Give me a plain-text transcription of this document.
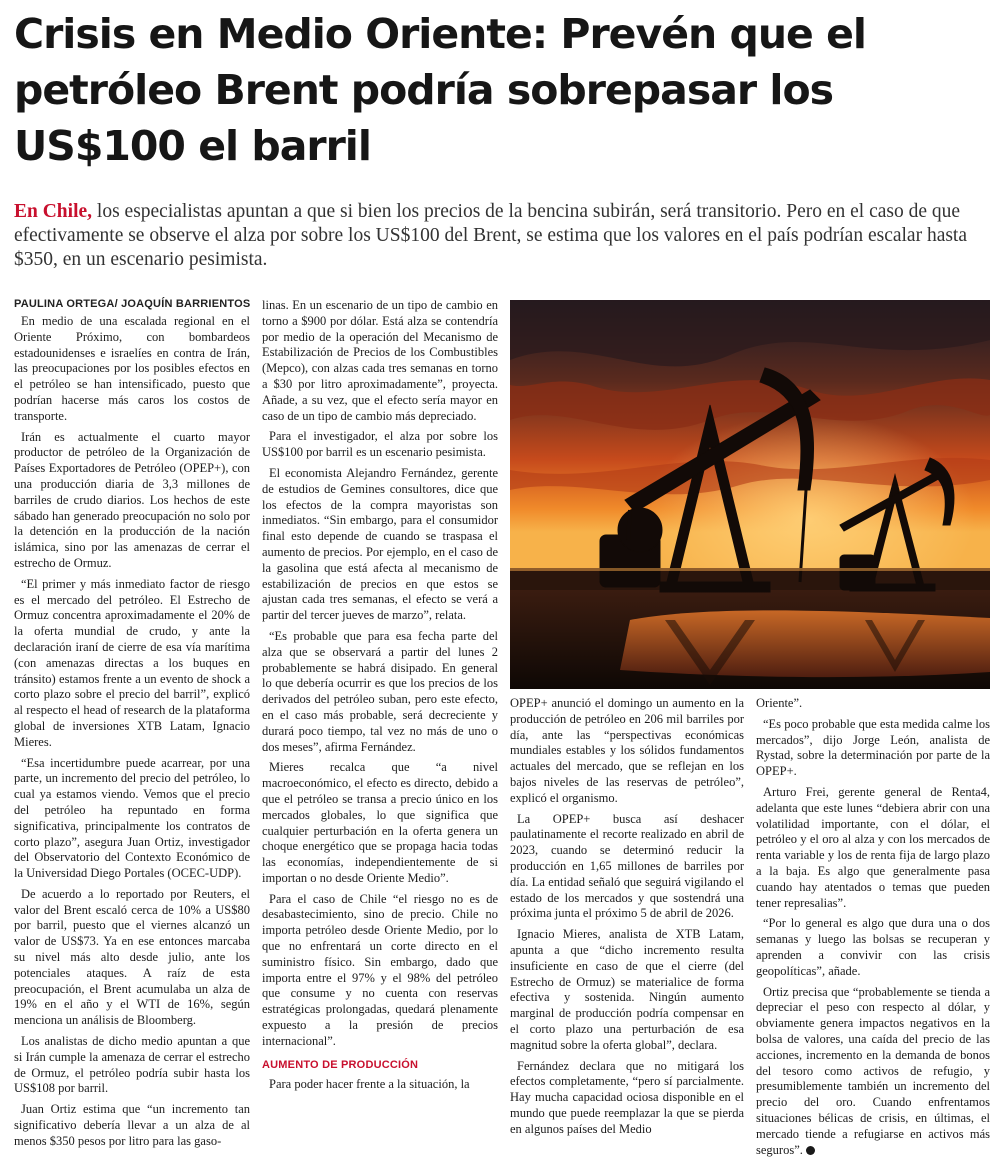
Crisis en Medio Oriente: Prevén que el petróleo Brent podría sobrepasar los US$100 el barril

En Chile, los especialistas apuntan a que si bien los precios de la bencina subirán, será transitorio. Pero en el caso de que efectivamente se observe el alza por sobre los US$100 del Brent, se estima que los valores en el país podrían escalar hasta $350, en un escenario pesimista.

PAULINA ORTEGA/ JOAQUÍN BARRIENTOS

En medio de una escalada regional en el Oriente Próximo, con bombardeos estadounidenses e israelíes en contra de Irán, las preocupaciones por los posibles efectos en el petróleo se han intensificado, puesto que podrían hacerse más caros los costos de transporte.

Irán es actualmente el cuarto mayor productor de petróleo de la Organización de Países Exportadores de Petróleo (OPEP+), con una producción diaria de 3,3 millones de barriles de crudo diarios. Los hechos de este sábado han generado preocupación no solo por la detención en la producción de la nación islámica, sino por las amenazas de cerrar el estrecho de Ormuz.

“El primer y más inmediato factor de riesgo es el mercado del petróleo. El Estrecho de Ormuz concentra aproximadamente el 20% de la oferta mundial de crudo, y ante la declaración iraní de cierre de esa vía marítima (con amenazas directas a los buques en tránsito) estamos frente a un evento de shock a corto plazo sobre el precio del barril”, explicó al respecto el head of research de la plataforma global de inversiones XTB Latam, Ignacio Mieres.

“Esa incertidumbre puede acarrear, por una parte, un incremento del precio del petróleo, lo cual ya estamos viendo. Vemos que el precio del petróleo ha repuntado en forma significativa, principalmente los contratos de corto plazo”, asegura Juan Ortiz, investigador del Observatorio del Contexto Económico de la Universidad Diego Portales (OCEC-UDP).

De acuerdo a lo reportado por Reuters, el valor del Brent escaló cerca de 10% a US$80 por barril, puesto que el viernes alcanzó un valor de US$73. Ya en ese entonces marcaba su nivel más alto desde julio, ante los potenciales ataques. A raíz de esta preocupación, el Brent acumulaba un alza de 19% en el año y el WTI de 16%, según menciona un análisis de Bloomberg.

Los analistas de dicho medio apuntan a que si Irán cumple la amenaza de cerrar el estrecho de Ormuz, el petróleo podría subir hasta los US$108 por barril.

Juan Ortiz estima que “un incremento tan significativo debería llevar a un alza de al menos $350 pesos por litro para las gaso-

linas. En un escenario de un tipo de cambio en torno a $900 por dólar. Está alza se contendría por medio de la operación del Mecanismo de Estabilización de Precios de los Combustibles (Mepco), con alzas cada tres semanas en torno a $30 por litro aproximadamente”, proyecta. Añade, a su vez, que el efecto sería mayor en caso de un tipo de cambio más depreciado.

Para el investigador, el alza por sobre los US$100 por barril es un escenario pesimista.

El economista Alejandro Fernández, gerente de estudios de Gemines consultores, dice que los efectos de la compra mayoristas son inmediatos. “Sin embargo, para el consumidor final esto depende de cuando se traspasa el aumento de precios. Por ejemplo, en el caso de la gasolina que está afecta al mecanismo de estabilización de precios en que estos se ajustan cada tres semanas, el efecto se verá a partir del tercer jueves de marzo”, relata.

“Es probable que para esa fecha parte del alza que se observará a partir del lunes 2 probablemente se habrá disipado. En general lo que debería ocurrir es que los precios de los derivados del petróleo suban, pero este efecto, en el caso más probable, será decreciente y durará poco tiempo, tal vez no más de uno o dos meses”, afirma Fernández.

Mieres recalca que “a nivel macroeconómico, el efecto es directo, debido a que el petróleo se transa a precio único en los mercados globales, lo que significa que cualquier perturbación en la oferta genera un choque energético que se propaga hacia todas las economías, independientemente de si importan o no desde Oriente Medio”.

Para el caso de Chile “el riesgo no es de desabastecimiento, sino de precio. Chile no importa petróleo desde Oriente Medio, por lo que no enfrentará un corte directo en el suministro físico. Sin embargo, dado que importa entre el 97% y el 98% del petróleo que consume y no cuenta con reservas estratégicas prolongadas, quedará plenamente expuesto a la presión de precios internacional”.

AUMENTO DE PRODUCCIÓN

Para poder hacer frente a la situación, la

OPEP+ anunció el domingo un aumento en la producción de petróleo en 206 mil barriles por día, ante las “perspectivas económicas mundiales estables y los sólidos fundamentos actuales del mercado, que se reflejan en los bajos niveles de las reservas de petróleo”, explicó el organismo.

La OPEP+ busca así deshacer paulatinamente el recorte realizado en abril de 2023, cuando se determinó reducir la producción en 1,65 millones de barriles por día. La entidad señaló que seguirá vigilando el estado de los mercados y que sostendrá una próxima junta el próximo 5 de abril de 2026.

Ignacio Mieres, analista de XTB Latam, apunta a que “dicho incremento resulta insuficiente en caso de que el cierre (del Estrecho de Ormuz) se materialice de forma efectiva y sostenida. Ningún aumento marginal de producción podría compensar en el corto plazo una perturbación de esa magnitud sobre la oferta global”, declara.

Fernández declara que no mitigará los efectos completamente, “pero sí parcialmente. Hay mucha capacidad ociosa disponible en el mundo que puede reemplazar la que se pierda en algunos países del Medio

Oriente”.

“Es poco probable que esta medida calme los mercados”, dijo Jorge León, analista de Rystad, sobre la determinación por parte de la OPEP+.

Arturo Frei, gerente general de Renta4, adelanta que este lunes “debiera abrir con una volatilidad importante, con el dólar, el petróleo y el oro al alza y con los mercados de renta variable y los de renta fija de largo plazo a la baja. Es algo que generalmente pasa cuando hay atentados o temas que pueden tener represalias”.

“Por lo general es algo que dura una o dos semanas y luego las bolsas se recuperan y aprenden a convivir con las crisis geopolíticas”, añade.

Ortiz precisa que “probablemente se tienda a depreciar el peso con respecto al dólar, y obviamente genera impactos negativos en la bolsa de valores, una caída del precio de las acciones, incremento en la demanda de bonos del tesoro como activos de refugio, y presumiblemente también un incremento del precio del oro. Cuando enfrentamos situaciones bélicas de crisis, en últimas, el mercado tiende a refugiarse en activos más seguros”.
